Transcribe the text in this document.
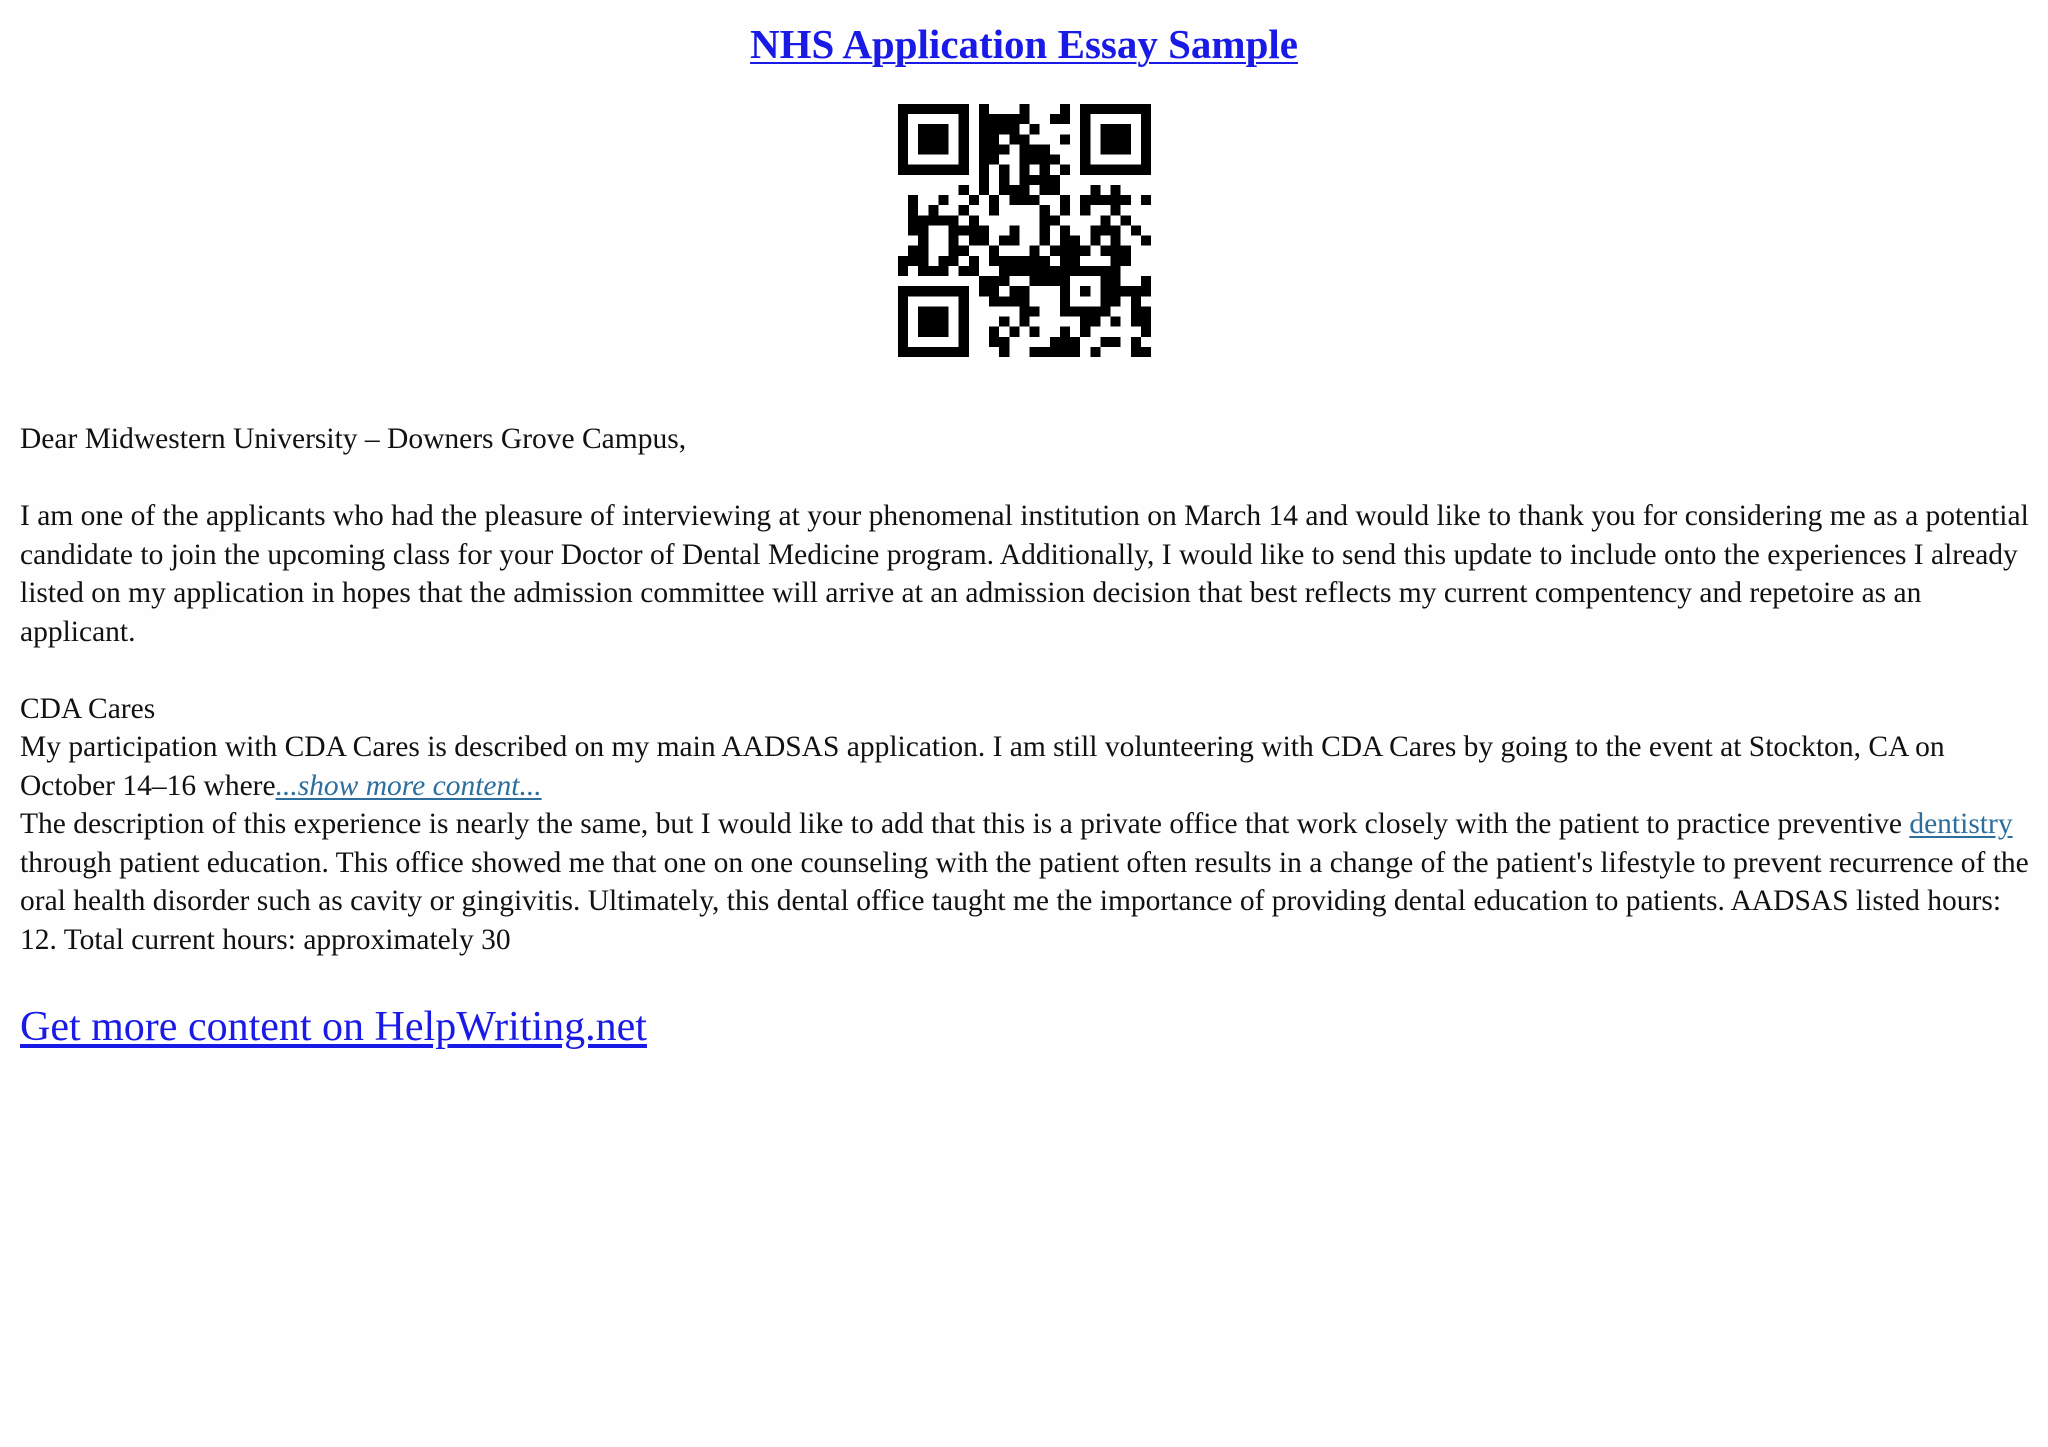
NHS Application Essay Sample

Dear Midwestern University – Downers Grove Campus,

I am one of the applicants who had the pleasure of interviewing at your phenomenal institution on March 14 and would like to thank you for considering me as a potential candidate to join the upcoming class for your Doctor of Dental Medicine program. Additionally, I would like to send this update to include onto the experiences I already listed on my application in hopes that the admission committee will arrive at an admission decision that best reflects my current compentency and repetoire as an applicant.

CDA Cares

My participation with CDA Cares is described on my main AADSAS application. I am still volunteering with CDA Cares by going to the event at Stockton, CA on October 14–16 where...show more content...

The description of this experience is nearly the same, but I would like to add that this is a private office that work closely with the patient to practice preventive dentistry through patient education. This office showed me that one on one counseling with the patient often results in a change of the patient's lifestyle to prevent recurrence of the oral health disorder such as cavity or gingivitis. Ultimately, this dental office taught me the importance of providing dental education to patients. AADSAS listed hours: 12. Total current hours: approximately 30

Get more content on HelpWriting.net
